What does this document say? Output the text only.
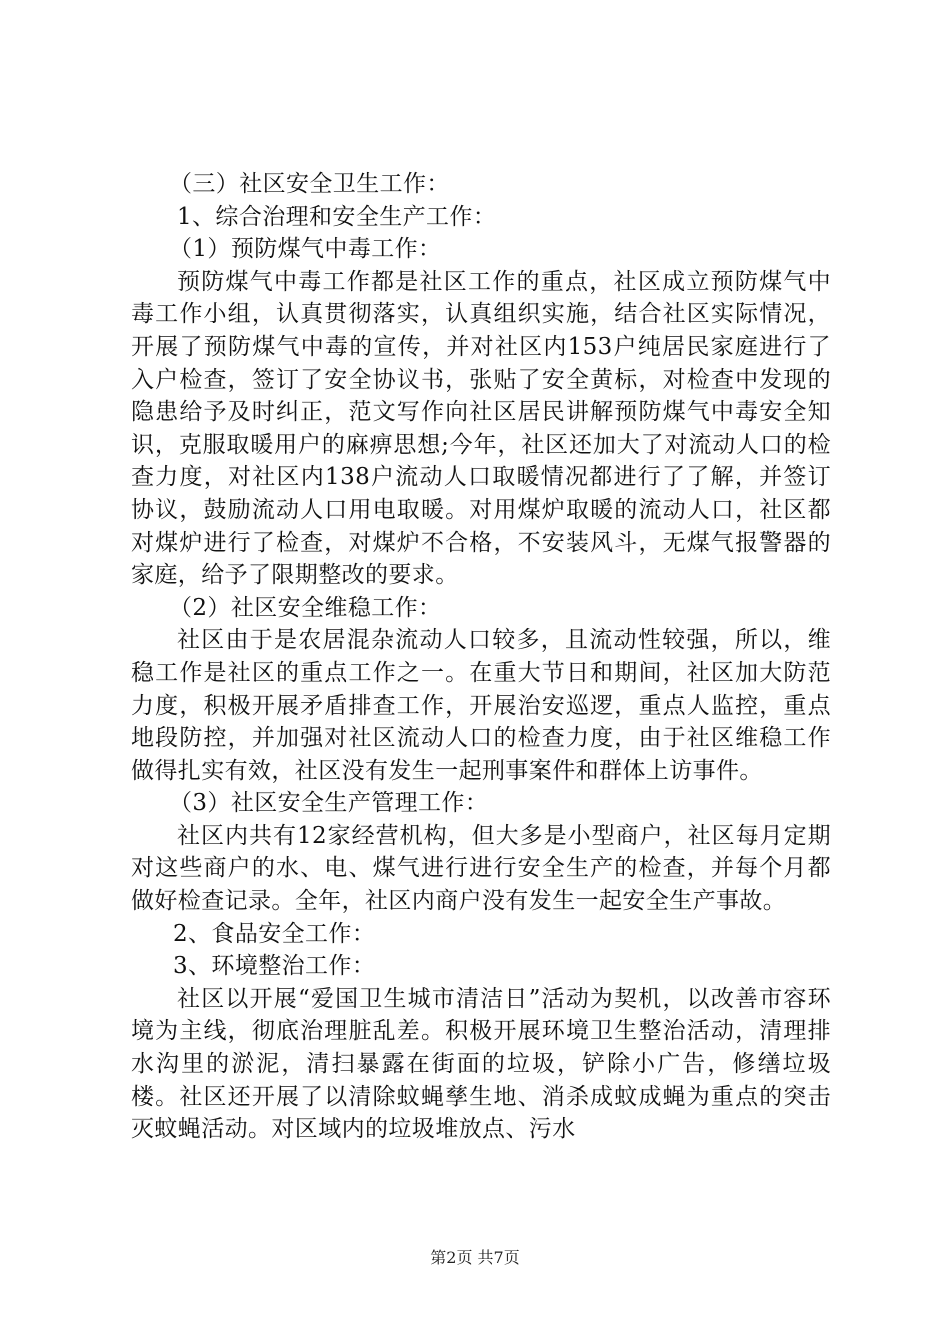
（三）社区安全卫生工作：
1、综合治理和安全生产工作：
（1）预防煤气中毒工作：

预防煤气中毒工作都是社区工作的重点，社区成立预防煤气中毒工作小组，认真贯彻落实，认真组织实施，结合社区实际情况，开展了预防煤气中毒的宣传，并对社区内153户纯居民家庭进行了入户检查，签订了安全协议书，张贴了安全黄标，对检查中发现的隐患给予及时纠正，范文写作向社区居民讲解预防煤气中毒安全知识，克服取暖用户的麻痹思想;今年，社区还加大了对流动人口的检查力度，对社区内138户流动人口取暖情况都进行了了解，并签订协议，鼓励流动人口用电取暖。对用煤炉取暖的流动人口，社区都对煤炉进行了检查，对煤炉不合格，不安装风斗，无煤气报警器的家庭，给予了限期整改的要求。

（2）社区安全维稳工作：

社区由于是农居混杂流动人口较多，且流动性较强，所以，维稳工作是社区的重点工作之一。在重大节日和期间，社区加大防范力度，积极开展矛盾排查工作，开展治安巡逻，重点人监控，重点地段防控，并加强对社区流动人口的检查力度，由于社区维稳工作做得扎实有效，社区没有发生一起刑事案件和群体上访事件。

（3）社区安全生产管理工作：

社区内共有12家经营机构，但大多是小型商户，社区每月定期对这些商户的水、电、煤气进行进行安全生产的检查，并每个月都做好检查记录。全年，社区内商户没有发生一起安全生产事故。

2、食品安全工作：
3、环境整治工作：

社区以开展“爱国卫生城市清洁日”活动为契机，以改善市容环境为主线，彻底治理脏乱差。积极开展环境卫生整治活动，清理排水沟里的淤泥，清扫暴露在街面的垃圾，铲除小广告，修缮垃圾楼。社区还开展了以清除蚊蝇孳生地、消杀成蚊成蝇为重点的突击灭蚊蝇活动。对区域内的垃圾堆放点、污水

第2页 共7页
